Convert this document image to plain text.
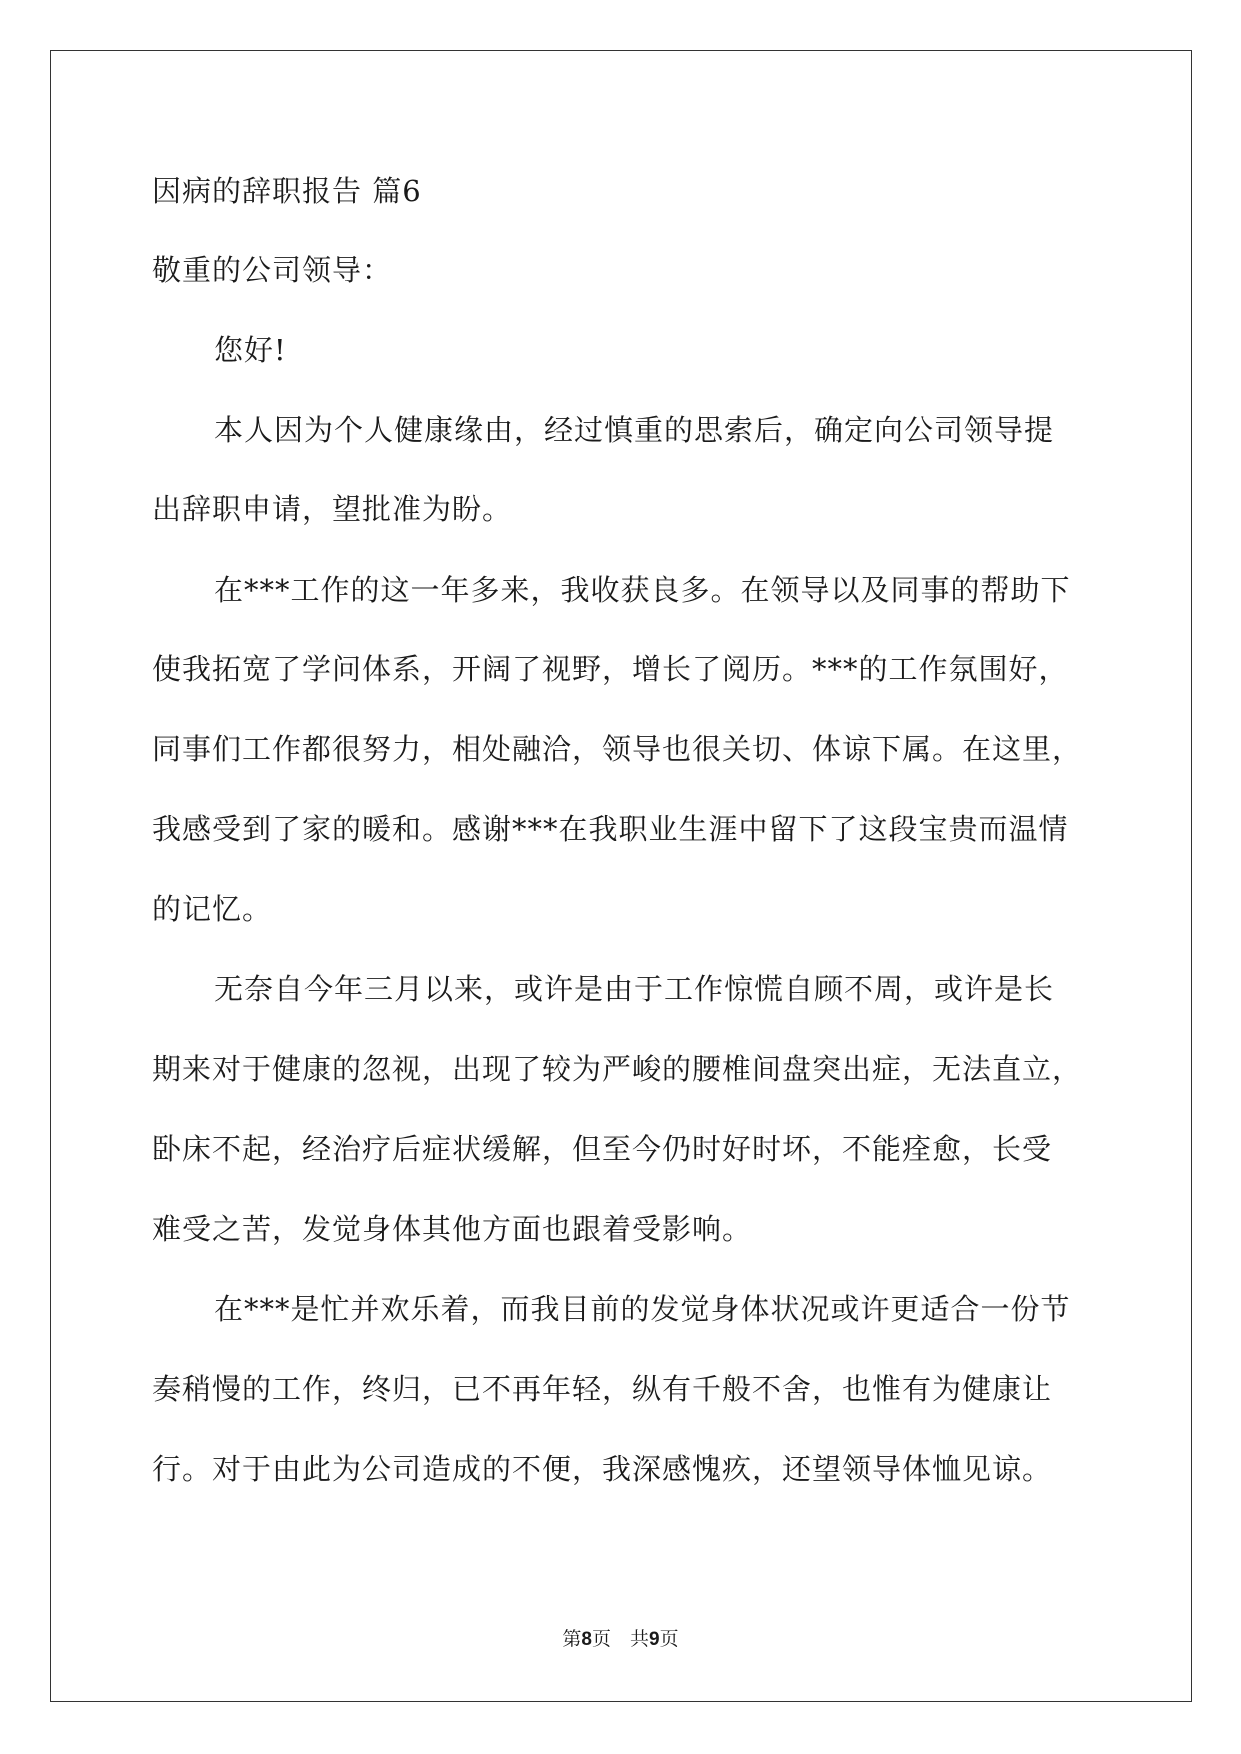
因病的辞职报告 篇6
敬重的公司领导：
您好!
本人因为个人健康缘由，经过慎重的思索后，确定向公司领导提
出辞职申请，望批准为盼。
在***工作的这一年多来，我收获良多。在领导以及同事的帮助下
使我拓宽了学问体系，开阔了视野，增长了阅历。***的工作氛围好，
同事们工作都很努力，相处融洽，领导也很关切、体谅下属。在这里，
我感受到了家的暖和。感谢***在我职业生涯中留下了这段宝贵而温情
的记忆。
无奈自今年三月以来，或许是由于工作惊慌自顾不周，或许是长
期来对于健康的忽视，出现了较为严峻的腰椎间盘突出症，无法直立，
卧床不起，经治疗后症状缓解，但至今仍时好时坏，不能痊愈，长受
难受之苦，发觉身体其他方面也跟着受影响。
在***是忙并欢乐着，而我目前的发觉身体状况或许更适合一份节
奏稍慢的工作，终归，已不再年轻，纵有千般不舍，也惟有为健康让
行。对于由此为公司造成的不便，我深感愧疚，还望领导体恤见谅。
第8页　共9页
